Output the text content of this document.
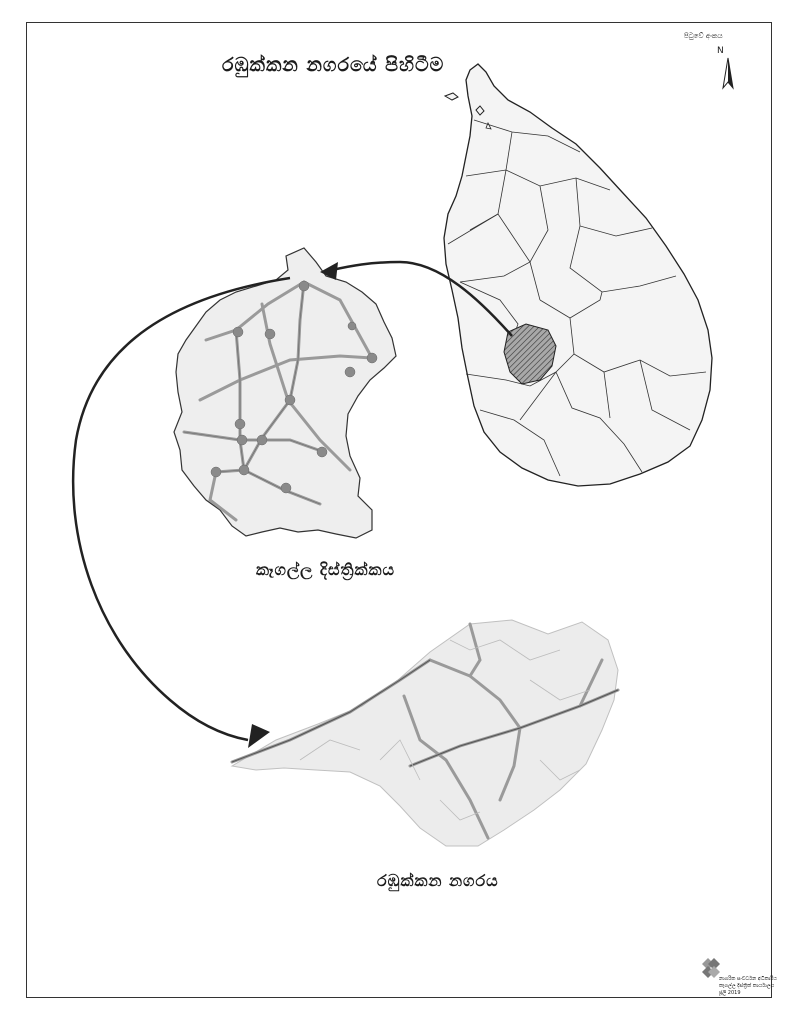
රඹුක්කන නගරයේ පිහිටීම
පිටුවේ අංකය
N
කෑගල්ල දිස්ත්‍රික්කය
රඹුක්කන නගරය
නාගරික සංවර්ධන අධිකාරිය
කෑගල්ල දිස්ත්‍රික් කාර්යාලය
ජූලි 2019
